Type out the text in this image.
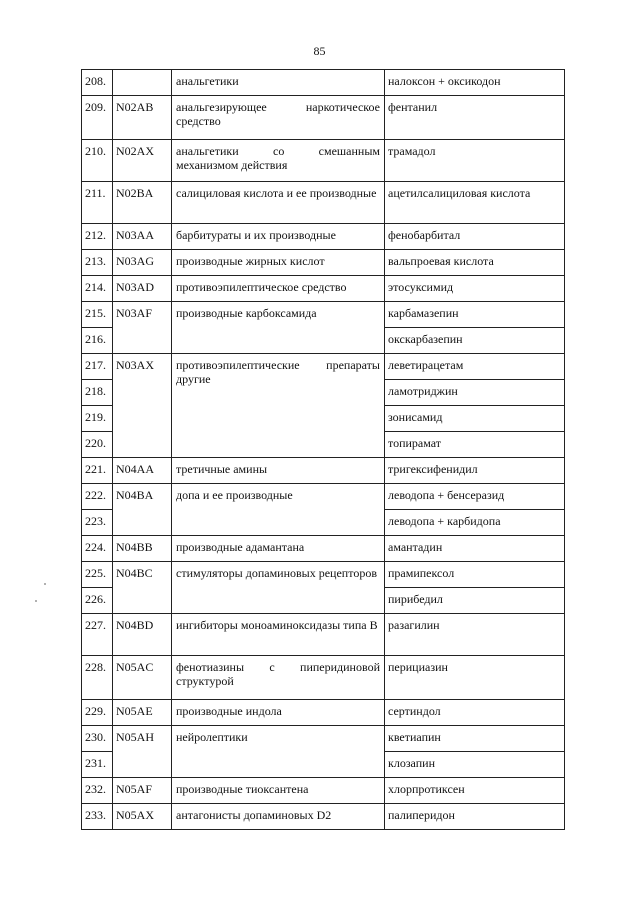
85
208.		анальгетики	налоксон + оксикодон
209.	N02AB	анальгезирующее наркотическое средство	фентанил
210.	N02AX	анальгетики со смешанным механизмом действия	трамадол
211.	N02BA	салициловая кислота и ее производные	ацетилсалициловая кислота
212.	N03AA	барбитураты и их производные	фенобарбитал
213.	N03AG	производные жирных кислот	вальпроевая кислота
214.	N03AD	противоэпилептическое средство	этосуксимид
215.	N03AF	производные карбоксамида	карбамазепин
216.			окскарбазепин
217.	N03AX	противоэпилептические препараты другие	леветирацетам
218.			ламотриджин
219.			зонисамид
220.			топирамат
221.	N04AA	третичные амины	тригексифенидил
222.	N04BA	допа и ее производные	леводопа + бенсеразид
223.			леводопа + карбидопа
224.	N04BB	производные адамантана	амантадин
225.	N04BC	стимуляторы допаминовых рецепторов	прамипексол
226.			пирибедил
227.	N04BD	ингибиторы моноаминоксидазы типа В	разагилин
228.	N05AC	фенотиазины с пиперидиновой структурой	перициазин
229.	N05AE	производные индола	сертиндол
230.	N05AH	нейролептики	кветиапин
231.			клозапин
232.	N05AF	производные тиоксантена	хлорпротиксен
233.	N05AX	антагонисты допаминовых D2	палиперидон
